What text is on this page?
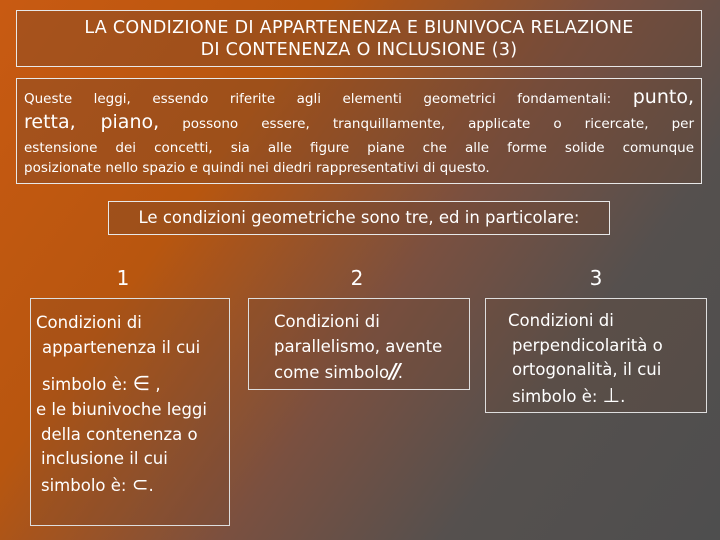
LA CONDIZIONE DI APPARTENENZA E BIUNIVOCA RELAZIONE
DI CONTENENZA O INCLUSIONE (3)
Queste leggi, essendo riferite agli elementi geometrici fondamentali: punto,
retta, piano, possono essere, tranquillamente, applicate o ricercate, per
estensione dei concetti, sia alle figure piane che alle forme solide comunque
posizionate nello spazio e quindi nei diedri rappresentativi di questo.
Le condizioni geometriche sono tre, ed in particolare:
1	2	3
Condizioni di
appartenenza il cui
simbolo è: ∈ ,
e le biunivoche leggi
della contenenza o
inclusione il cui
simbolo è: ⊂.
Condizioni di
parallelismo, avente
come simbolo//.
Condizioni di
perpendicolarità o
ortogonalità, il cui
simbolo è: ⊥.
